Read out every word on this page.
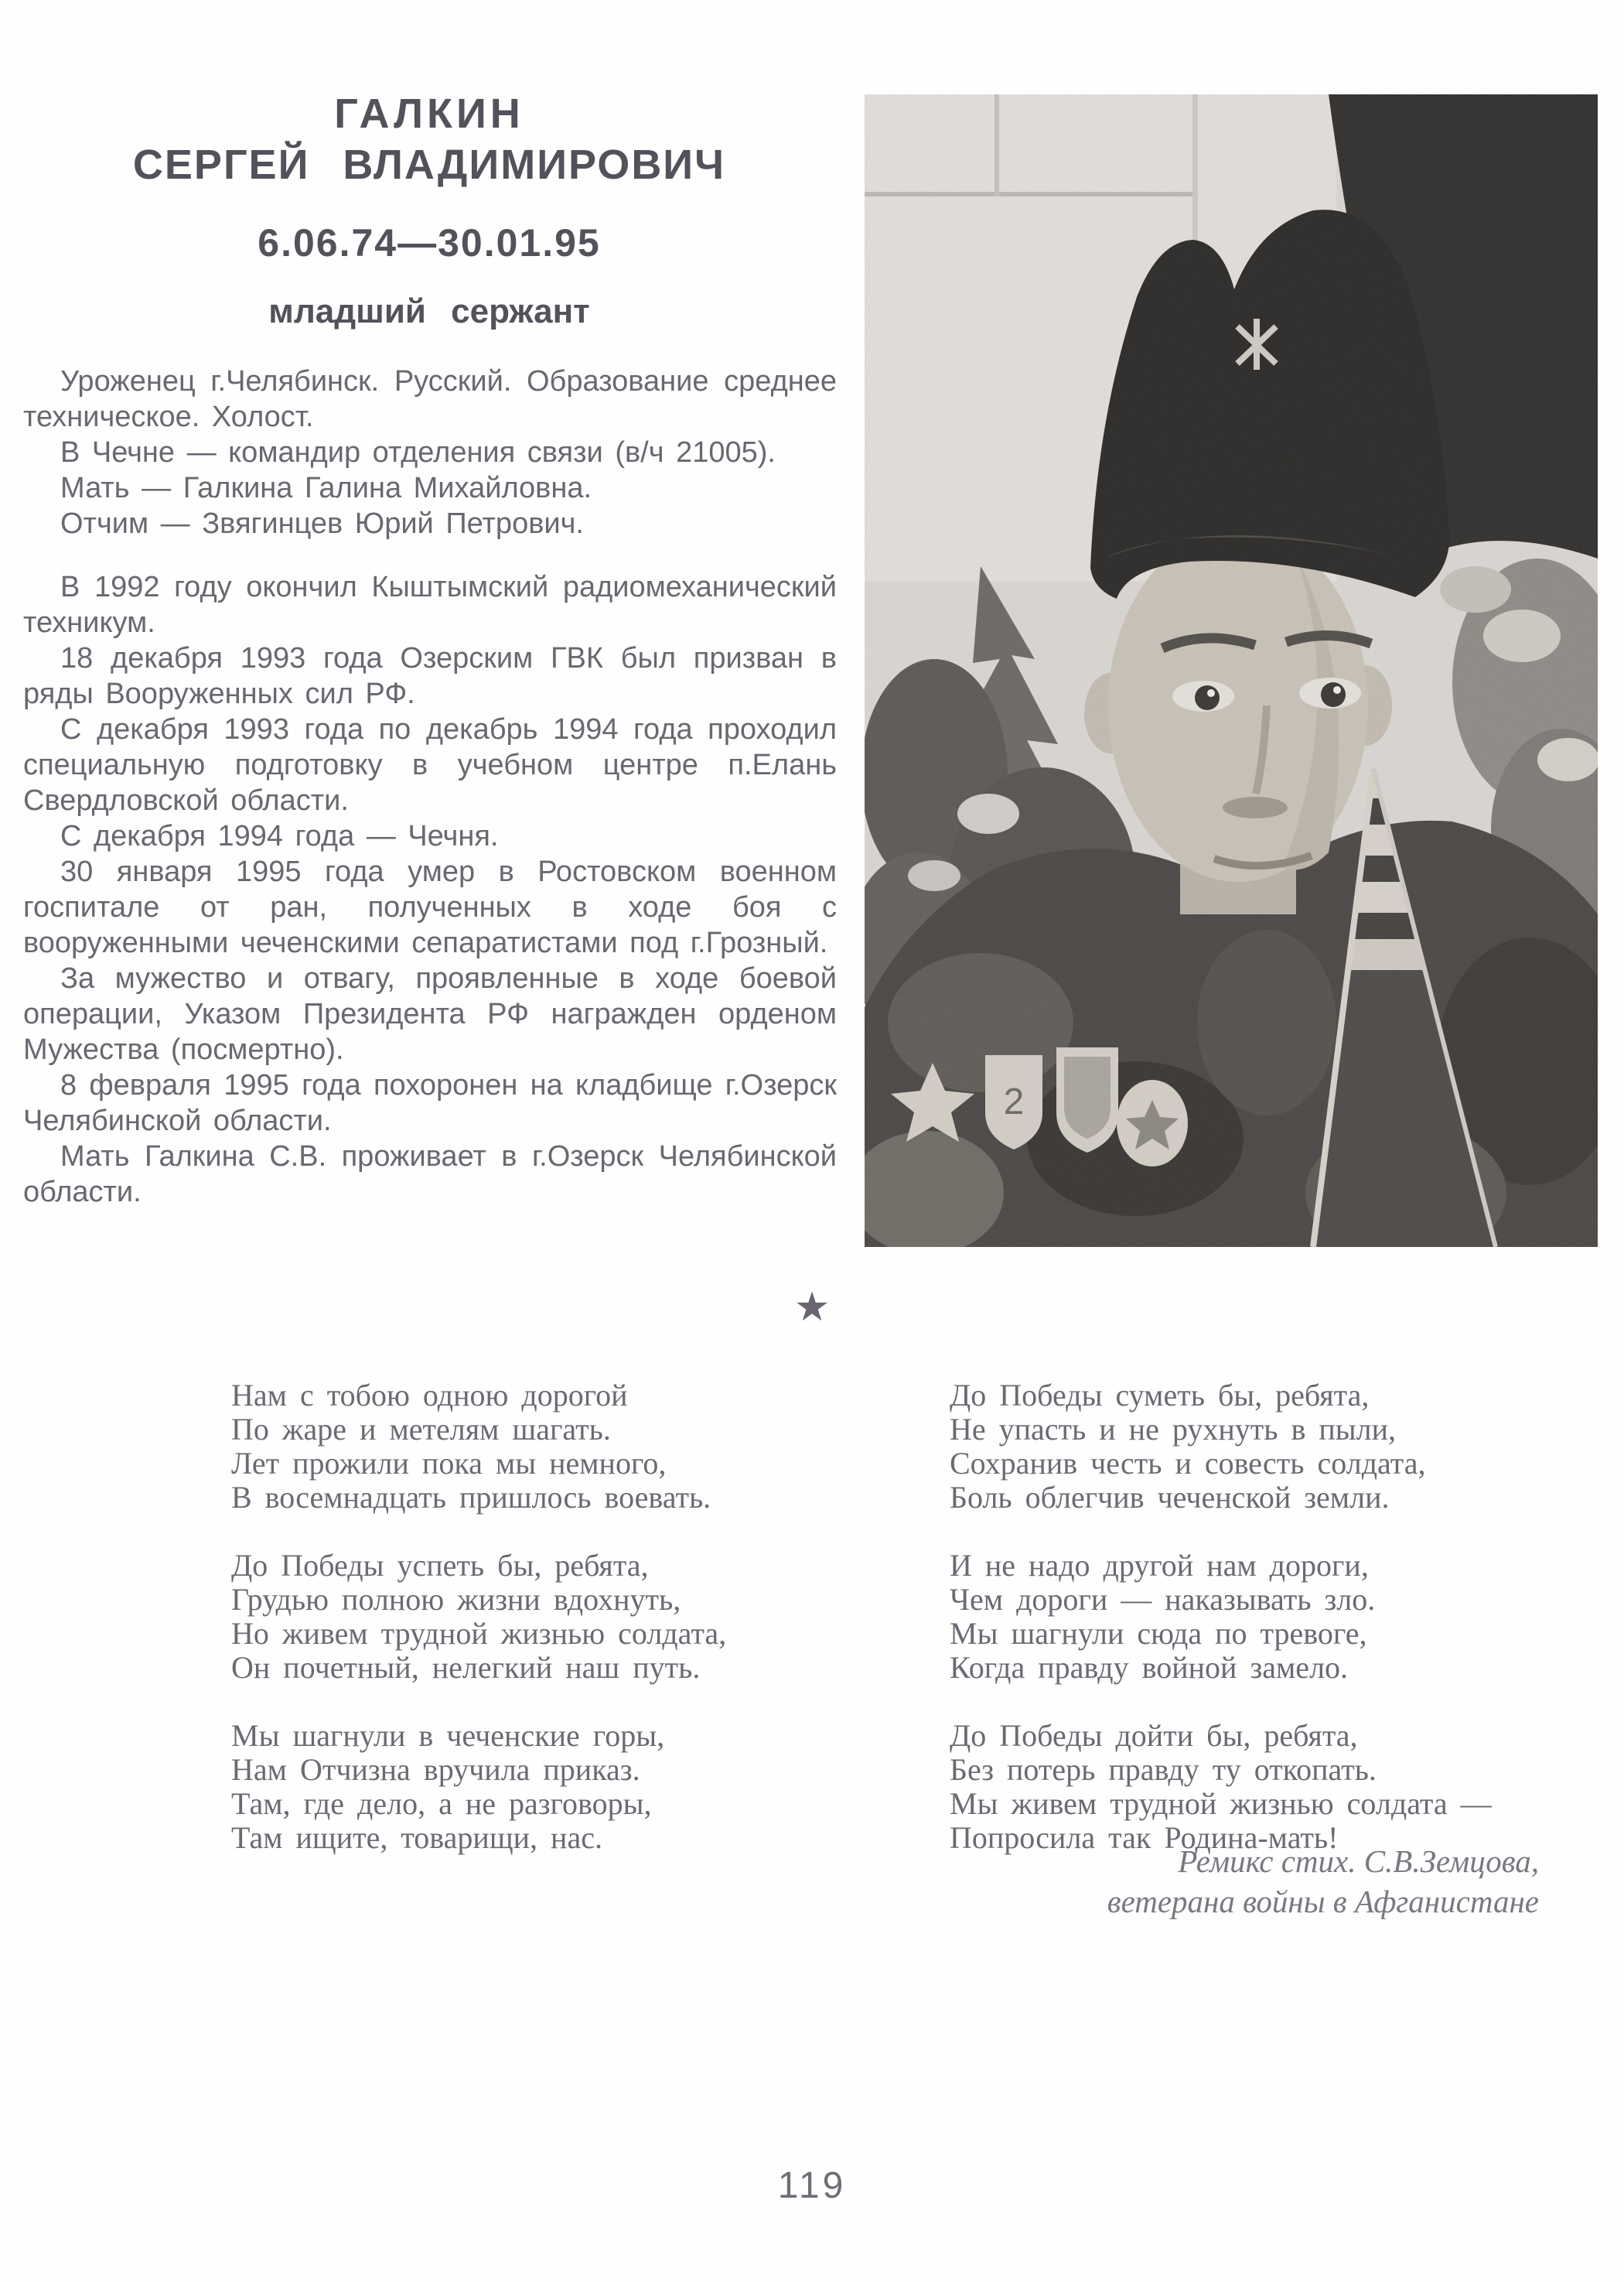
ГАЛКИН
СЕРГЕЙ ВЛАДИМИРОВИЧ
6.06.74—30.01.95
младший сержант

Уроженец г.Челябинск. Русский. Образование среднее техническое. Холост.

В Чечне — командир отделения связи (в/ч 21005).

Мать — Галкина Галина Михайловна.

Отчим — Звягинцев Юрий Петрович.

В 1992 году окончил Кыштымский радиомеханический техникум.

18 декабря 1993 года Озерским ГВК был призван в ряды Вооруженных сил РФ.

С декабря 1993 года по декабрь 1994 года проходил специальную подготовку в учебном центре п.Елань Свердловской области.

С декабря 1994 года — Чечня.

30 января 1995 года умер в Ростовском военном госпитале от ран, полученных в ходе боя с вооруженными чеченскими сепаратистами под г.Грозный.

За мужество и отвагу, проявленные в ходе боевой операции, Указом Президента РФ награжден орденом Мужества (посмертно).

8 февраля 1995 года похоронен на кладбище г.Озерск Челябинской области.

Мать Галкина С.В. проживает в г.Озерск Челябинской области.

2
★
Нам с тобою одною дорогой
По жаре и метелям шагать.
Лет прожили пока мы немного,
В восемнадцать пришлось воевать.
До Победы успеть бы, ребята,
Грудью полною жизни вдохнуть,
Но живем трудной жизнью солдата,
Он почетный, нелегкий наш путь.
Мы шагнули в чеченские горы,
Нам Отчизна вручила приказ.
Там, где дело, а не разговоры,
Там ищите, товарищи, нас.
До Победы суметь бы, ребята,
Не упасть и не рухнуть в пыли,
Сохранив честь и совесть солдата,
Боль облегчив чеченской земли.
И не надо другой нам дороги,
Чем дороги — наказывать зло.
Мы шагнули сюда по тревоге,
Когда правду войной замело.
До Победы дойти бы, ребята,
Без потерь правду ту откопать.
Мы живем трудной жизнью солдата —
Попросила так Родина-мать!
Ремикс стих. С.В.Земцова,
ветерана войны в Афганистане
119
